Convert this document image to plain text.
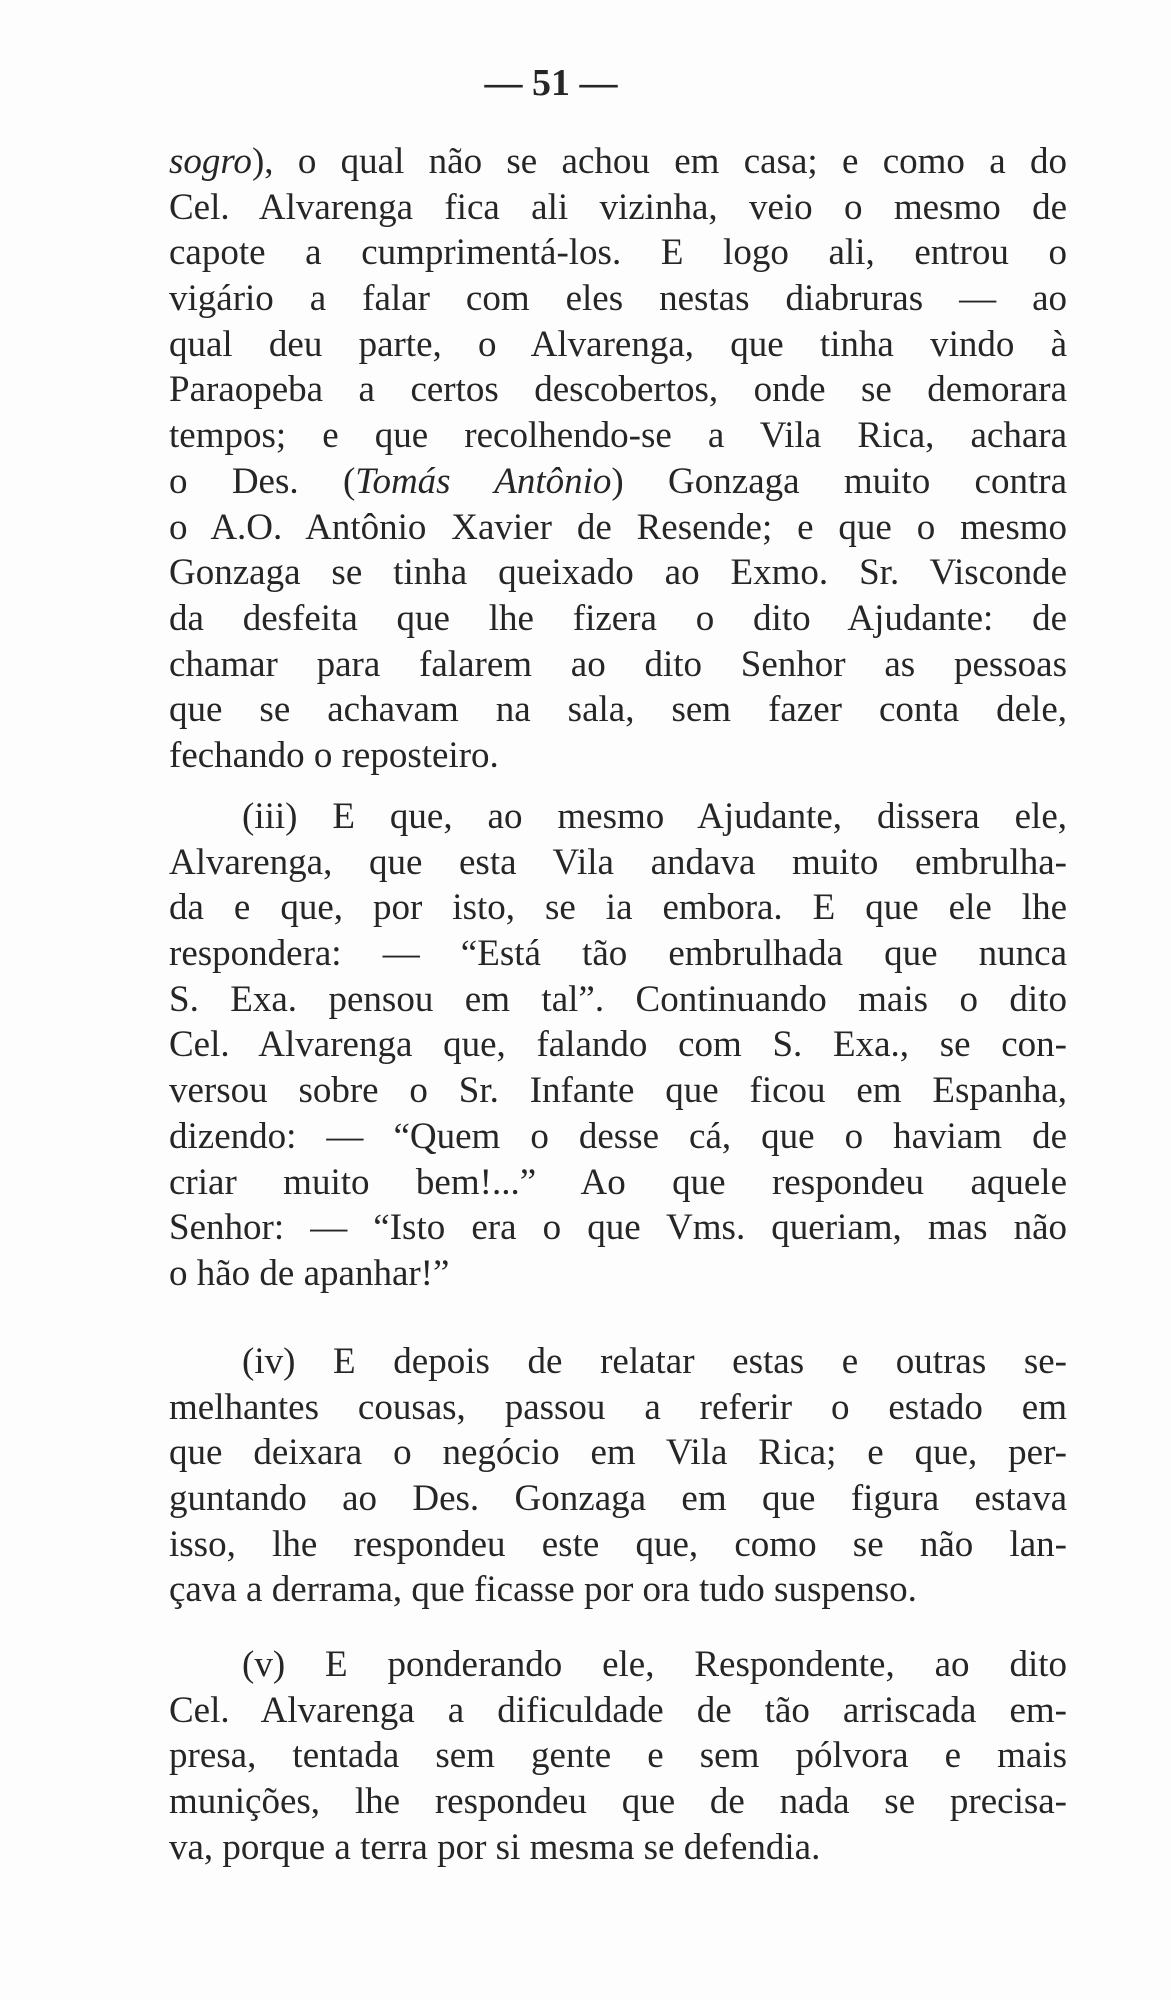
— 51 —
sogro), o qual não se achou em casa; e como a do
Cel. Alvarenga fica ali vizinha, veio o mesmo de
capote a cumprimentá-los. E logo ali, entrou o
vigário a falar com eles nestas diabruras — ao
qual deu parte, o Alvarenga, que tinha vindo à
Paraopeba a certos descobertos, onde se demorara
tempos; e que recolhendo-se a Vila Rica, achara
o Des. (Tomás Antônio) Gonzaga muito contra
o A.O. Antônio Xavier de Resende; e que o mesmo
Gonzaga se tinha queixado ao Exmo. Sr. Visconde
da desfeita que lhe fizera o dito Ajudante: de
chamar para falarem ao dito Senhor as pessoas
que se achavam na sala, sem fazer conta dele,
fechando o reposteiro.
(iii) E que, ao mesmo Ajudante, dissera ele,
Alvarenga, que esta Vila andava muito embrulha-
da e que, por isto, se ia embora. E que ele lhe
respondera: — “Está tão embrulhada que nunca
S. Exa. pensou em tal”. Continuando mais o dito
Cel. Alvarenga que, falando com S. Exa., se con-
versou sobre o Sr. Infante que ficou em Espanha,
dizendo: — “Quem o desse cá, que o haviam de
criar muito bem!...” Ao que respondeu aquele
Senhor: — “Isto era o que Vms. queriam, mas não
o hão de apanhar!”
(iv) E depois de relatar estas e outras se-
melhantes cousas, passou a referir o estado em
que deixara o negócio em Vila Rica; e que, per-
guntando ao Des. Gonzaga em que figura estava
isso, lhe respondeu este que, como se não lan-
çava a derrama, que ficasse por ora tudo suspenso.
(v) E ponderando ele, Respondente, ao dito
Cel. Alvarenga a dificuldade de tão arriscada em-
presa, tentada sem gente e sem pólvora e mais
munições, lhe respondeu que de nada se precisa-
va, porque a terra por si mesma se defendia.
